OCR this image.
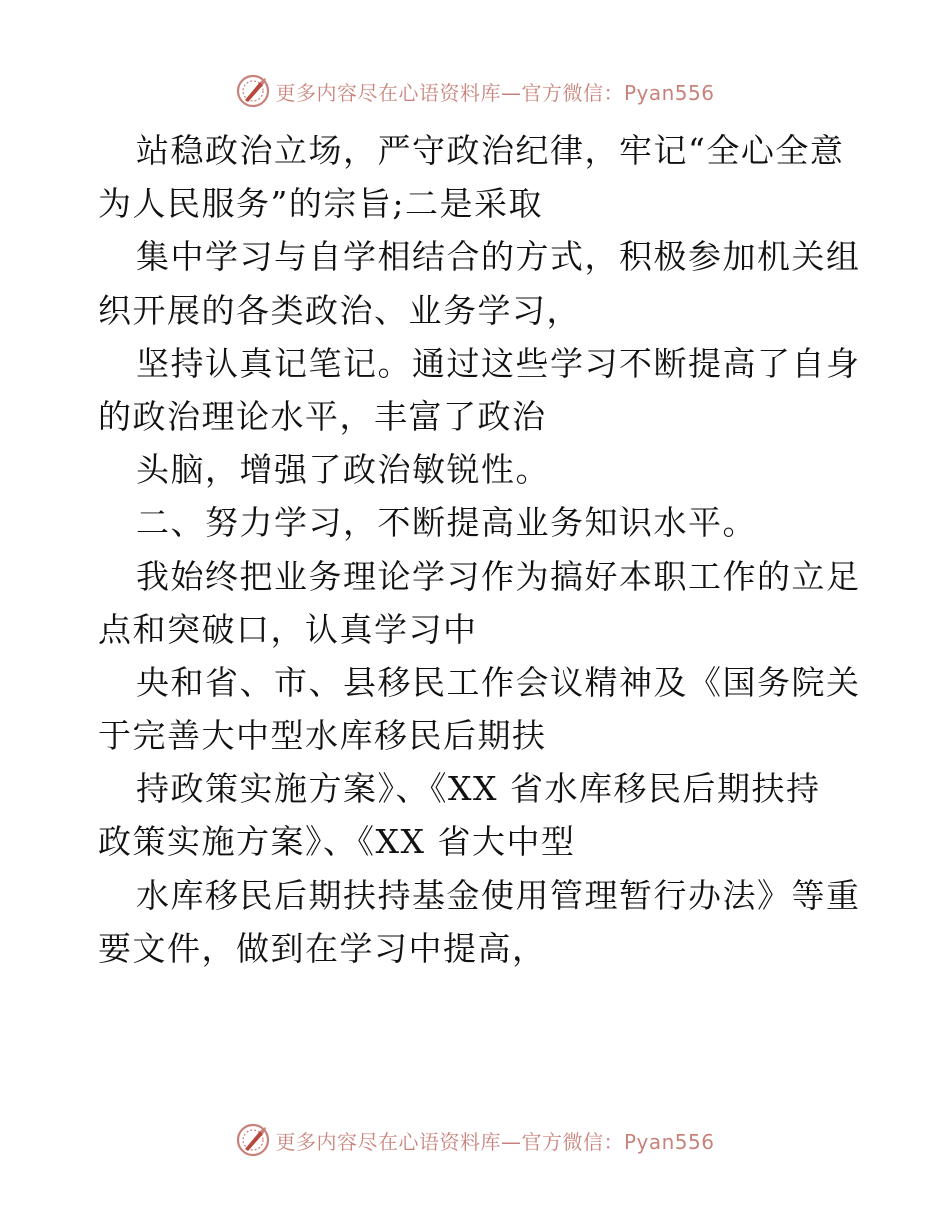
更多内容尽在心语资料库—官方微信：Pyan556
站稳政治立场，严守政治纪律，牢记“全心全意
为人民服务”的宗旨;二是采取
集中学习与自学相结合的方式，积极参加机关组
织开展的各类政治、业务学习，
坚持认真记笔记。通过这些学习不断提高了自身
的政治理论水平，丰富了政治
头脑，增强了政治敏锐性。
二、努力学习，不断提高业务知识水平。
我始终把业务理论学习作为搞好本职工作的立足
点和突破口，认真学习中
央和省、市、县移民工作会议精神及《国务院关
于完善大中型水库移民后期扶
持政策实施方案》、《XX 省水库移民后期扶持
政策实施方案》、《XX 省大中型
水库移民后期扶持基金使用管理暂行办法》等重
要文件，做到在学习中提高，
更多内容尽在心语资料库—官方微信：Pyan556
